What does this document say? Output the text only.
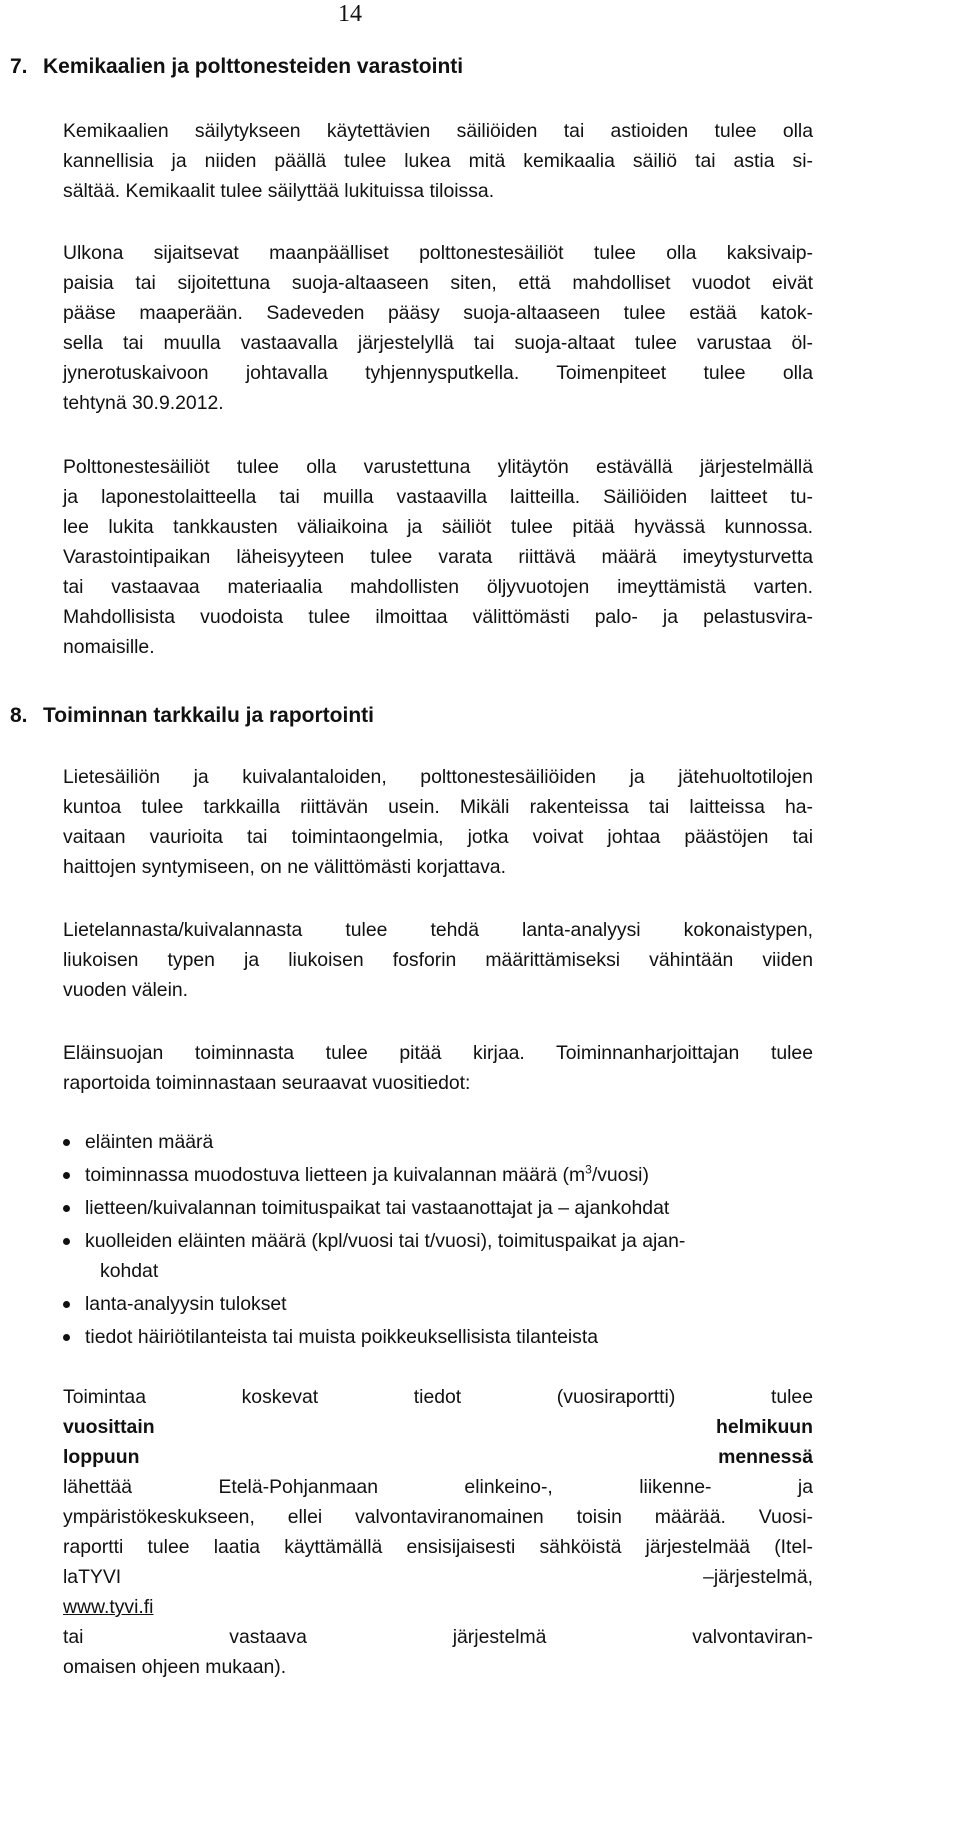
14
7. Kemikaalien ja polttonesteiden varastointi
Kemikaalien säilytykseen käytettävien säiliöiden tai astioiden tulee olla
kannellisia ja niiden päällä tulee lukea mitä kemikaalia säiliö tai astia si-
sältää. Kemikaalit tulee säilyttää lukituissa tiloissa.
Ulkona sijaitsevat maanpäälliset polttonestesäiliöt tulee olla kaksivaip-
paisia tai sijoitettuna suoja-altaaseen siten, että mahdolliset vuodot eivät
pääse maaperään. Sadeveden pääsy suoja-altaaseen tulee estää katok-
sella tai muulla vastaavalla järjestelyllä tai suoja-altaat tulee varustaa öl-
jynerotuskaivoon johtavalla tyhjennysputkella. Toimenpiteet tulee olla
tehtynä 30.9.2012.
Polttonestesäiliöt tulee olla varustettuna ylitäytön estävällä järjestelmällä
ja laponestolaitteella tai muilla vastaavilla laitteilla. Säiliöiden laitteet tu-
lee lukita tankkausten väliaikoina ja säiliöt tulee pitää hyvässä kunnossa.
Varastointipaikan läheisyyteen tulee varata riittävä määrä imeytysturvetta
tai vastaavaa materiaalia mahdollisten öljyvuotojen imeyttämistä varten.
Mahdollisista vuodoista tulee ilmoittaa välittömästi palo- ja pelastusvira-
nomaisille.
8. Toiminnan tarkkailu ja raportointi
Lietesäiliön ja kuivalantaloiden, polttonestesäiliöiden ja jätehuoltotilojen
kuntoa tulee tarkkailla riittävän usein. Mikäli rakenteissa tai laitteissa ha-
vaitaan vaurioita tai toimintaongelmia, jotka voivat johtaa päästöjen tai
haittojen syntymiseen, on ne välittömästi korjattava.
Lietelannasta/kuivalannasta tulee tehdä lanta-analyysi kokonaistypen,
liukoisen typen ja liukoisen fosforin määrittämiseksi vähintään viiden
vuoden välein.
Eläinsuojan toiminnasta tulee pitää kirjaa. Toiminnanharjoittajan tulee
raportoida toiminnastaan seuraavat vuositiedot:
eläinten määrä
toiminnassa muodostuva lietteen ja kuivalannan määrä $(m^3/vuosi)$
lietteen/kuivalannan toimituspaikat tai vastaanottajat ja – ajankohdat
kuolleiden eläinten määrä (kpl/vuosi tai t/vuosi), toimituspaikat ja ajan-
kohdat
lanta-analyysin tulokset
tiedot häiriötilanteista tai muista poikkeuksellisista tilanteista
Toimintaa koskevat tiedot (vuosiraportti) tulee
vuosittain helmikuun
loppuun mennessä
lähettää Etelä-Pohjanmaan elinkeino-, liikenne- ja
ympäristökeskukseen, ellei valvontaviranomainen toisin määrää. Vuosi-
raportti tulee laatia käyttämällä ensisijaisesti sähköistä järjestelmää (Itel-
laTYVI –järjestelmä,
www.tyvi.fi
tai vastaava järjestelmä valvontaviran-
omaisen ohjeen mukaan).
